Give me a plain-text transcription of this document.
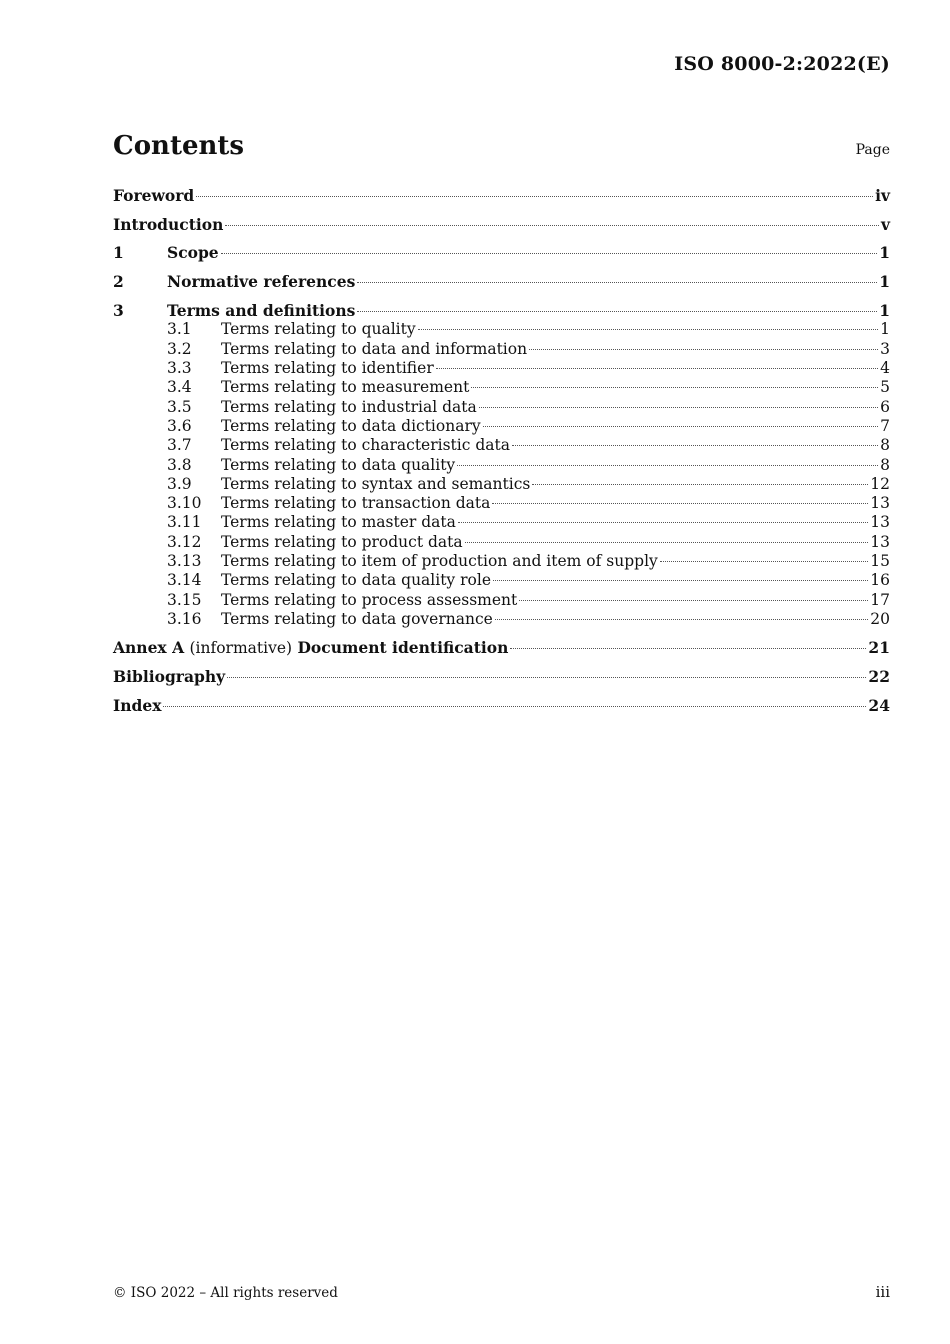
ISO 8000-2:2022(E)
Contents	Page
Foreword	iv
Introduction	v
1	Scope	1
2	Normative references	1
3	Terms and definitions	1
3.1	Terms relating to quality	1
3.2	Terms relating to data and information	3
3.3	Terms relating to identifier	4
3.4	Terms relating to measurement	5
3.5	Terms relating to industrial data	6
3.6	Terms relating to data dictionary	7
3.7	Terms relating to characteristic data	8
3.8	Terms relating to data quality	8
3.9	Terms relating to syntax and semantics	12
3.10	Terms relating to transaction data	13
3.11	Terms relating to master data	13
3.12	Terms relating to product data	13
3.13	Terms relating to item of production and item of supply	15
3.14	Terms relating to data quality role	16
3.15	Terms relating to process assessment	17
3.16	Terms relating to data governance	20
Annex A (informative) Document identification	21
Bibliography	22
Index	24
© ISO 2022 – All rights reserved	iii
